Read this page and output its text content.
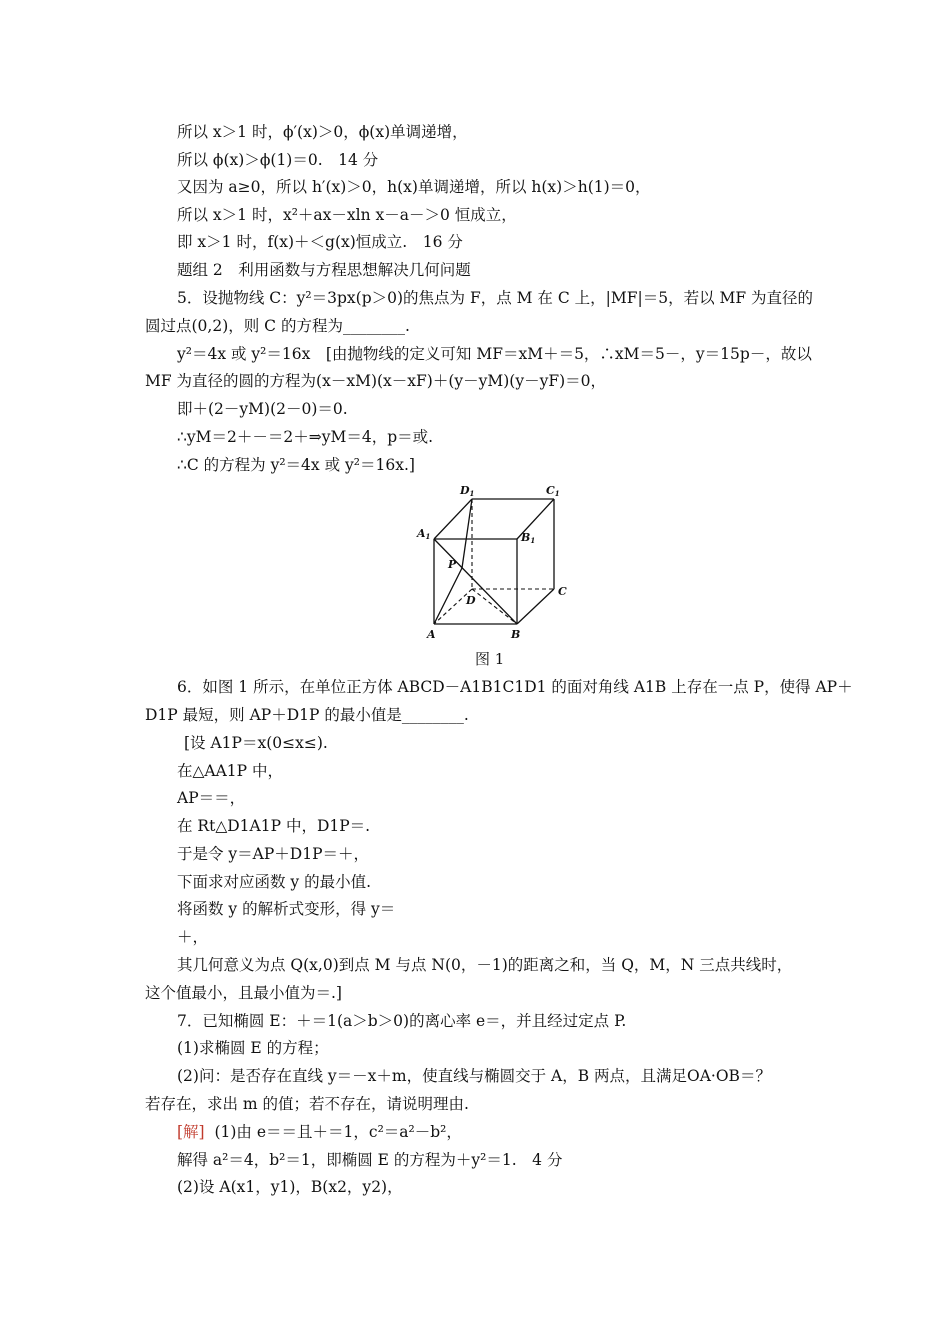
所以 x＞1 时，ϕ′(x)＞0，ϕ(x)单调递增，
所以 ϕ(x)＞ϕ(1)＝0.　14 分
又因为 a≥0，所以 h′(x)＞0，h(x)单调递增，所以 h(x)＞h(1)＝0，
所以 x＞1 时，x²＋ax－xln x－a－＞0 恒成立，
即 x＞1 时，f(x)＋＜g(x)恒成立.　16 分
题组 2　利用函数与方程思想解决几何问题
5．设抛物线 C：y²＝3px(p＞0)的焦点为 F，点 M 在 C 上，|MF|＝5，若以 MF 为直径的
圆过点(0,2)，则 C 的方程为________.
y²＝4x 或 y²＝16x　[由抛物线的定义可知 MF＝xM＋＝5，∴xM＝5－，y＝15p－，故以
MF 为直径的圆的方程为(x－xM)(x－xF)＋(y－yM)(y－yF)＝0，
即＋(2－yM)(2－0)＝0.
∴yM＝2＋－＝2＋⇒yM＝4，p＝或.
∴C 的方程为 y²＝4x 或 y²＝16x.]
D1	C1
A1	B1
P
D
C
A	B
图 1
6．如图 1 所示，在单位正方体 ABCD－A1B1C1D1 的面对角线 A1B 上存在一点 P，使得 AP＋
D1P 最短，则 AP＋D1P 的最小值是________.
[设 A1P＝x(0≤x≤).
在△AA1P 中，
AP＝＝，
在 Rt△D1A1P 中，D1P＝.
于是令 y＝AP＋D1P＝＋，
下面求对应函数 y 的最小值.
将函数 y 的解析式变形，得 y＝
＋，
其几何意义为点 Q(x,0)到点 M 与点 N(0，－1)的距离之和，当 Q，M，N 三点共线时，
这个值最小，且最小值为＝.]
7．已知椭圆 E：＋＝1(a＞b＞0)的离心率 e＝，并且经过定点 P.
(1)求椭圆 E 的方程；
(2)问：是否存在直线 y＝－x＋m，使直线与椭圆交于 A，B 两点，且满足OA·OB＝？
若存在，求出 m 的值；若不存在，请说明理由.
[解] (1)由 e＝＝且＋＝1，c²＝a²－b²，
解得 a²＝4，b²＝1，即椭圆 E 的方程为＋y²＝1.　4 分
(2)设 A(x1，y1)，B(x2，y2)，
